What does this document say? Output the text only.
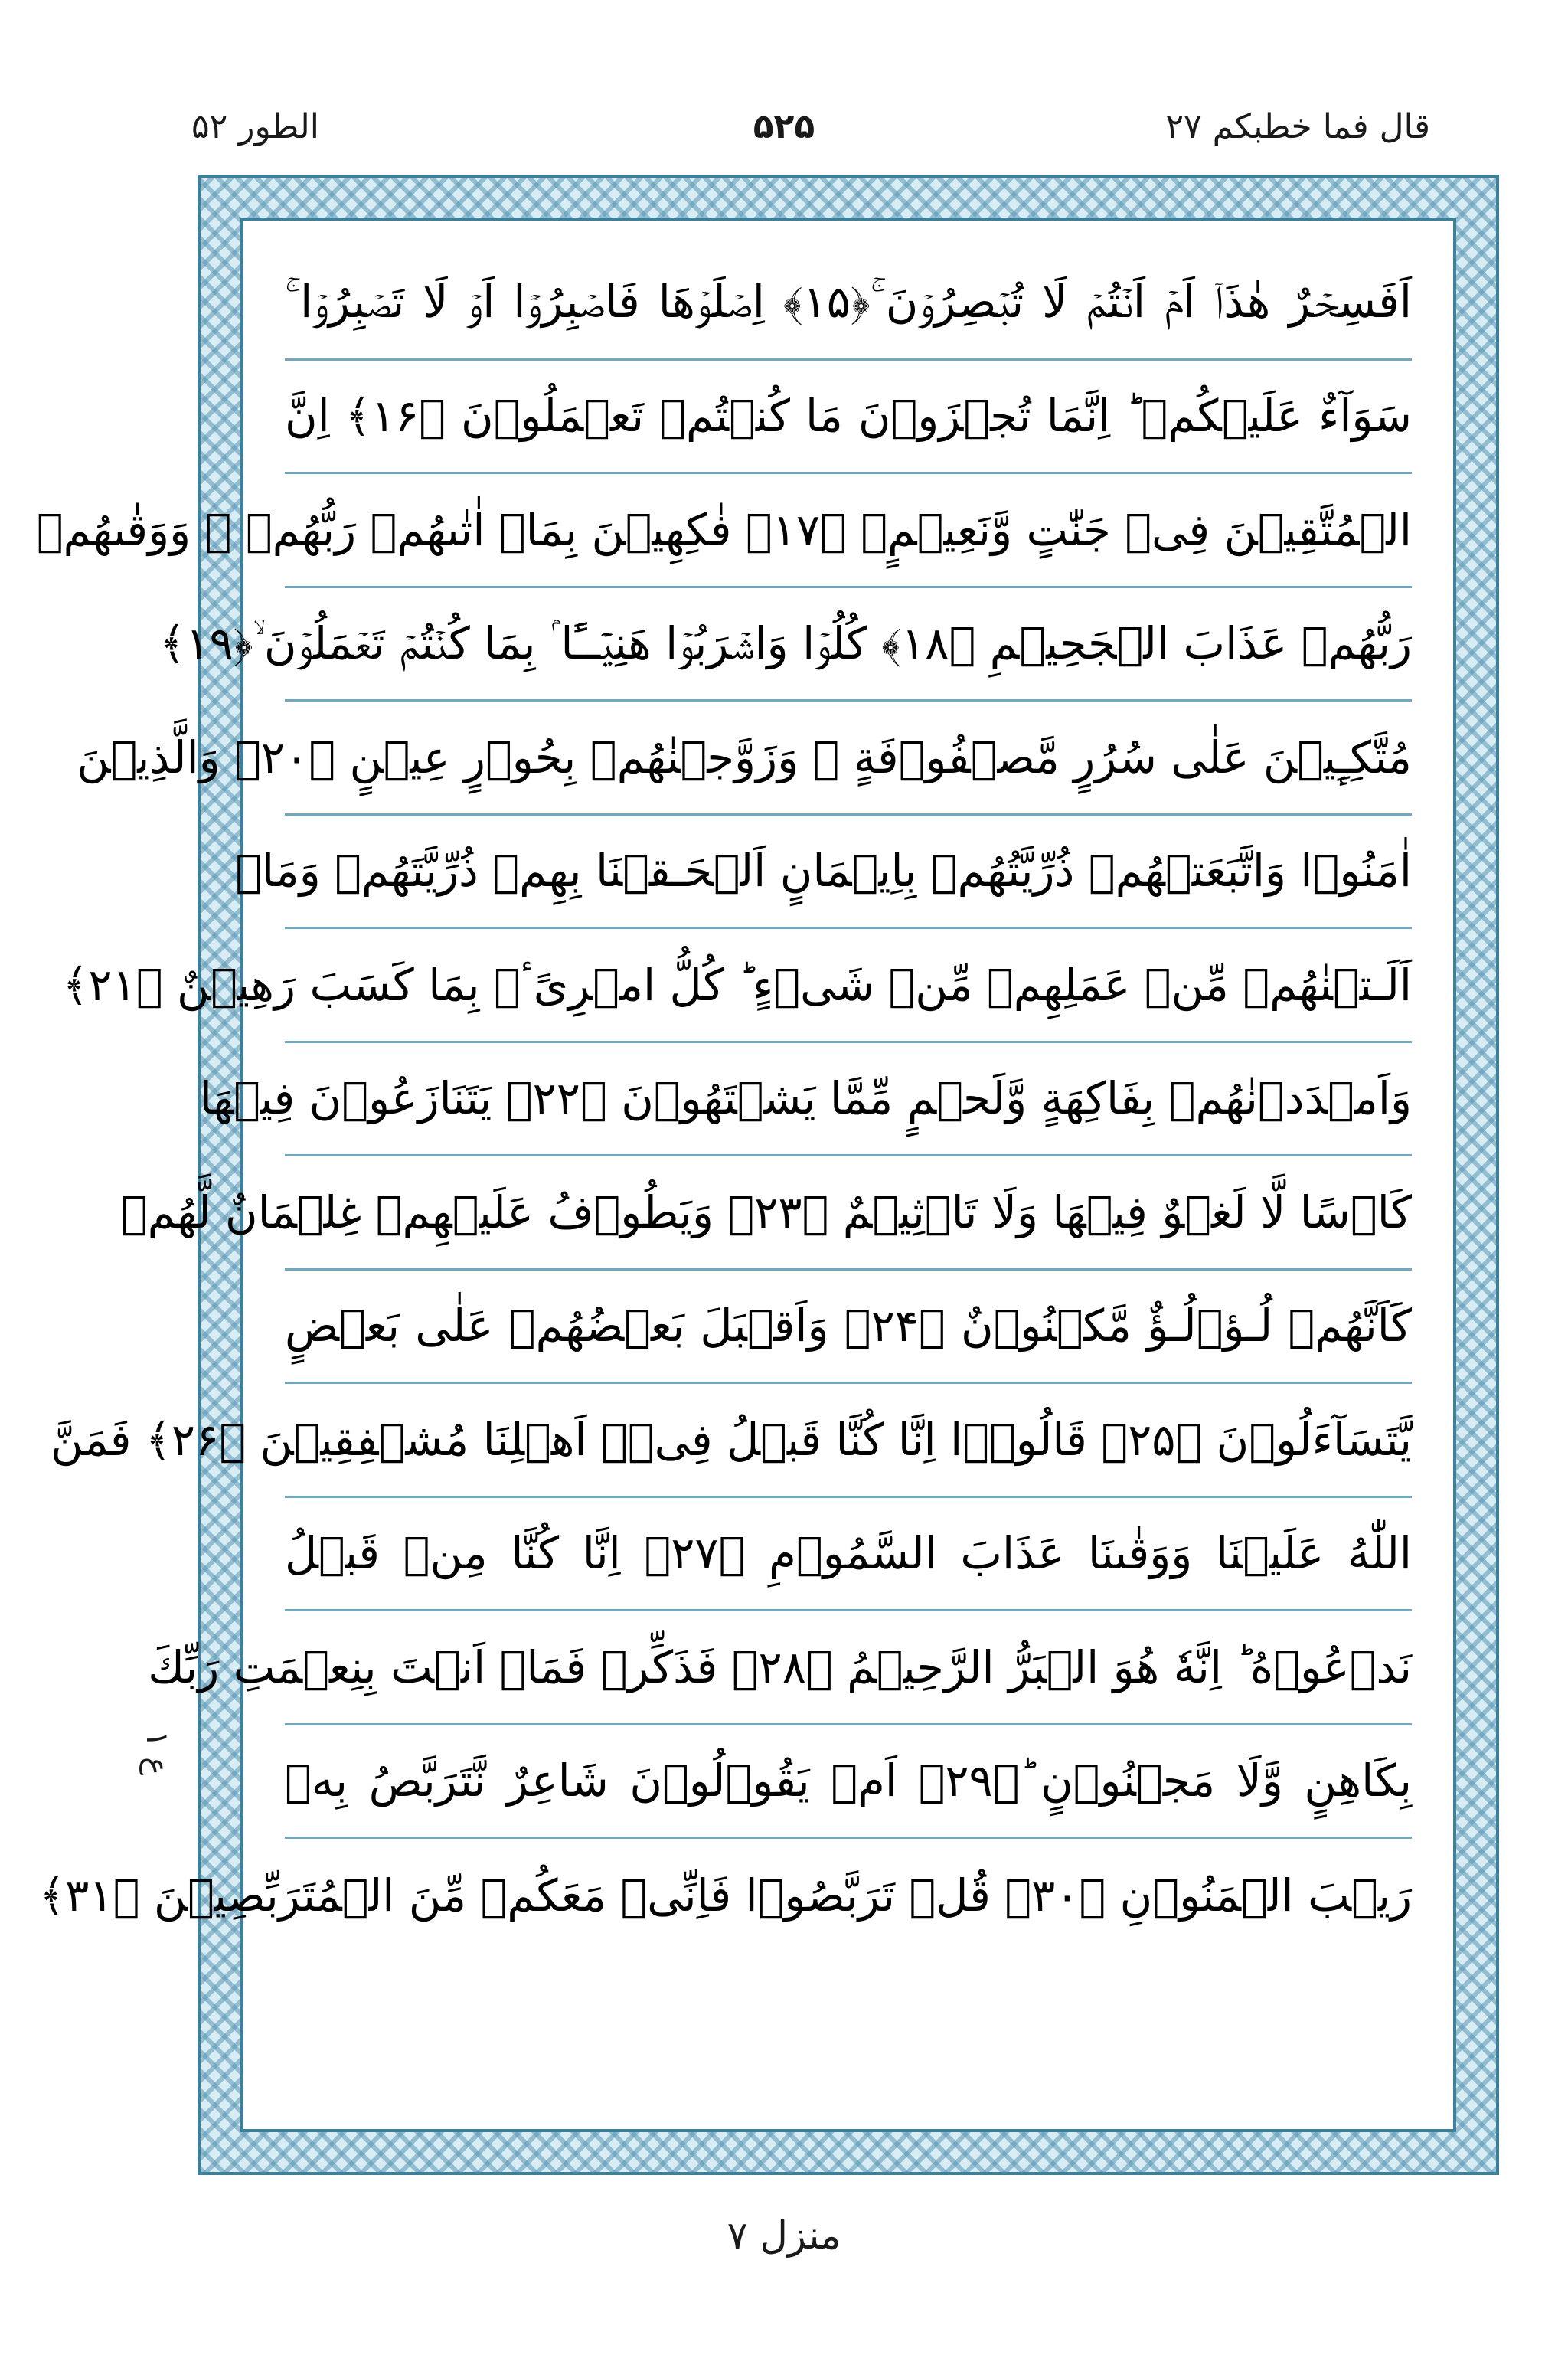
الطور ۵۲	۵۲۵	قال فما خطبكم ۲۷
اَفَسِحۡرٌ ھٰذَاۤ اَمۡ اَنۡتُمۡ لَا تُبۡصِرُوۡنَ ۚ﴿۱۵﴾ اِصۡلَوۡهَا فَاصۡبِرُوۡۤا اَوۡ لَا تَصۡبِرُوۡا ۚ
سَوَآءٌ عَلَيۡكُمۡ ؕ اِنَّمَا تُجۡزَوۡنَ مَا كُنۡتُمۡ تَعۡمَلُوۡنَ ﴿۱۶﴾ اِنَّ
الۡمُتَّقِيۡنَ فِىۡ جَنّٰتٍ وَّنَعِيۡمٍۙ ﴿۱۷﴾ فٰكِهِيۡنَ بِمَاۤ اٰتٰٮهُمۡ رَبُّهُمۡ ۚ وَوَقٰٮهُمۡ
رَبُّهُمۡ عَذَابَ الۡجَحِيۡمِ ﴿۱۸﴾ كُلُوۡا وَاشۡرَبُوۡا هَنِيۡٓــًٔا ۢ بِمَا كُنۡتُمۡ تَعۡمَلُوۡنَ ۙ﴿۱۹﴾
مُتَّكِـِٕيۡنَ عَلٰى سُرُرٍ مَّصۡفُوۡفَةٍ ۚ وَزَوَّجۡنٰهُمۡ بِحُوۡرٍ عِيۡنٍ ﴿۲۰﴾ وَالَّذِيۡنَ
اٰمَنُوۡا وَاتَّبَعَتۡهُمۡ ذُرِّيَّتُهُمۡ بِاِيۡمَانٍ اَلۡحَـقۡنَا بِهِمۡ ذُرِّيَّتَهُمۡ وَمَاۤ
اَلَـتۡنٰهُمۡ مِّنۡ عَمَلِهِمۡ مِّنۡ شَىۡءٍ ؕ كُلُّ امۡرِیًٴۢ بِمَا كَسَبَ رَهِيۡنٌ ﴿۲۱﴾
وَاَمۡدَدۡنٰهُمۡ بِفَاكِهَةٍ وَّلَحۡمٍ مِّمَّا يَشۡتَهُوۡنَ ﴿۲۲﴾ يَتَنَازَعُوۡنَ فِيۡهَا
كَاۡسًا لَّا لَغۡوٌ فِيۡهَا وَلَا تَاۡثِيۡمٌ ﴿۲۳﴾ وَيَطُوۡفُ عَلَيۡهِمۡ غِلۡمَانٌ لَّهُمۡ
كَاَنَّهُمۡ لُـؤۡلُـؤٌ مَّكۡنُوۡنٌ ﴿۲۴﴾ وَاَقۡبَلَ بَعۡضُهُمۡ عَلٰى بَعۡضٍ
يَّتَسَآءَلُوۡنَ ﴿۲۵﴾ قَالُوۡۤا اِنَّا كُنَّا قَبۡلُ فِىۡۤ اَهۡلِنَا مُشۡفِقِيۡنَ ﴿۲۶﴾ فَمَنَّ
اللّٰهُ عَلَيۡنَا وَوَقٰٮنَا عَذَابَ السَّمُوۡمِ ﴿۲۷﴾ اِنَّا كُنَّا مِنۡ قَبۡلُ
نَدۡعُوۡهُ ؕ اِنَّهٗ هُوَ الۡبَرُّ الرَّحِيۡمُ ﴿۲۸﴾ فَذَكِّرۡ فَمَاۤ اَنۡتَ بِنِعۡمَتِ رَبِّكَ
بِكَاهِنٍ وَّلَا مَجۡنُوۡنٍ ؕ﴿۲۹﴾ اَمۡ يَقُوۡلُوۡنَ شَاعِرٌ نَّتَرَبَّصُ بِهٖ
رَيۡبَ الۡمَنُوۡنِ ﴿۳۰﴾ قُلۡ تَرَبَّصُوۡا فَاِنِّىۡ مَعَكُمۡ مِّنَ الۡمُتَرَبِّصِيۡنَ ﴿۳۱﴾
ع ۱
منزل ۷
